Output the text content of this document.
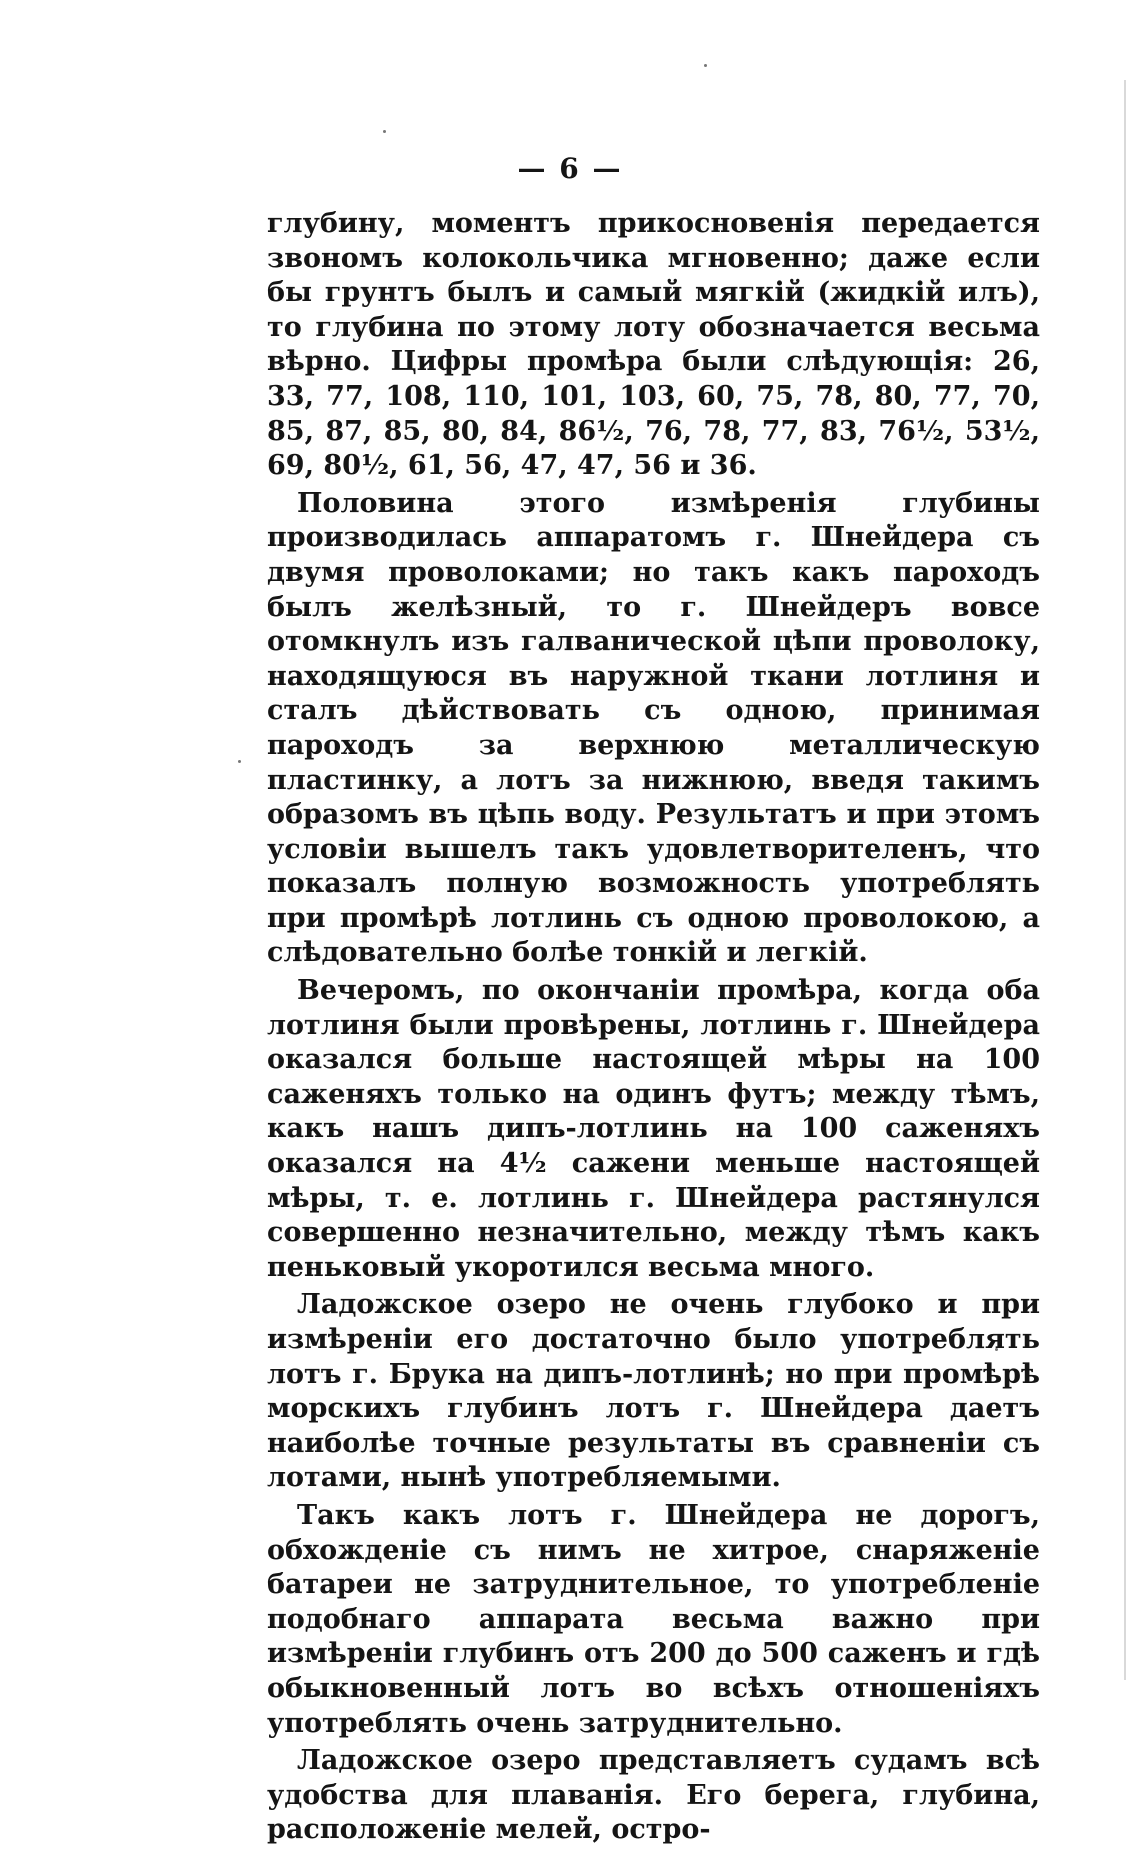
— 6 —

глубину, моментъ прикосновенія передается звономъ колокольчика мгновенно; даже если бы грунтъ былъ и самый мягкій (жидкій илъ), то глубина по этому лоту обозначается весьма вѣрно. Цифры промѣра были слѣдующія: 26, 33, 77, 108, 110, 101, 103, 60, 75, 78, 80, 77, 70, 85, 87, 85, 80, 84, 86½, 76, 78, 77, 83, 76½, 53½, 69, 80½, 61, 56, 47, 47, 56 и 36.

Половина этого измѣренія глубины производилась аппаратомъ г. Шнейдера съ двумя проволоками; но такъ какъ пароходъ былъ желѣзный, то г. Шнейдеръ вовсе отомкнулъ изъ галванической цѣпи проволоку, находящуюся въ наружной ткани лотлиня и сталъ дѣйствовать съ одною, принимая пароходъ за верхнюю металлическую пластинку, а лотъ за нижнюю, введя такимъ образомъ въ цѣпь воду. Результатъ и при этомъ условіи вышелъ такъ удовлетворителенъ, что показалъ полную возможность употреблять при промѣрѣ лотлинь съ одною проволокою, а слѣдовательно болѣе тонкій и легкій.

Вечеромъ, по окончаніи промѣра, когда оба лотлиня были провѣрены, лотлинь г. Шнейдера оказался больше настоящей мѣры на 100 саженяхъ только на одинъ футъ; между тѣмъ, какъ нашъ дипъ-лотлинь на 100 саженяхъ оказался на 4½ сажени меньше настоящей мѣры, т. е. лотлинь г. Шнейдера растянулся совершенно незначительно, между тѣмъ какъ пеньковый укоротился весьма много.

Ладожское озеро не очень глубоко и при измѣреніи его достаточно было употреблять лотъ г. Брука на дипъ-лотлинѣ; но при промѣрѣ морскихъ глубинъ лотъ г. Шнейдера даетъ наиболѣе точные результаты въ сравненіи съ лотами, нынѣ употребляемыми.

Такъ какъ лотъ г. Шнейдера не дорогъ, обхожденіе съ нимъ не хитрое, снаряженіе батареи не затруднительное, то употребленіе подобнаго аппарата весьма важно при измѣреніи глубинъ отъ 200 до 500 саженъ и гдѣ обыкновенный лотъ во всѣхъ отношеніяхъ употреблять очень затруднительно.

Ладожское озеро представляетъ судамъ всѣ удобства для плаванія. Его берега, глубина, расположеніе мелей, остро-
